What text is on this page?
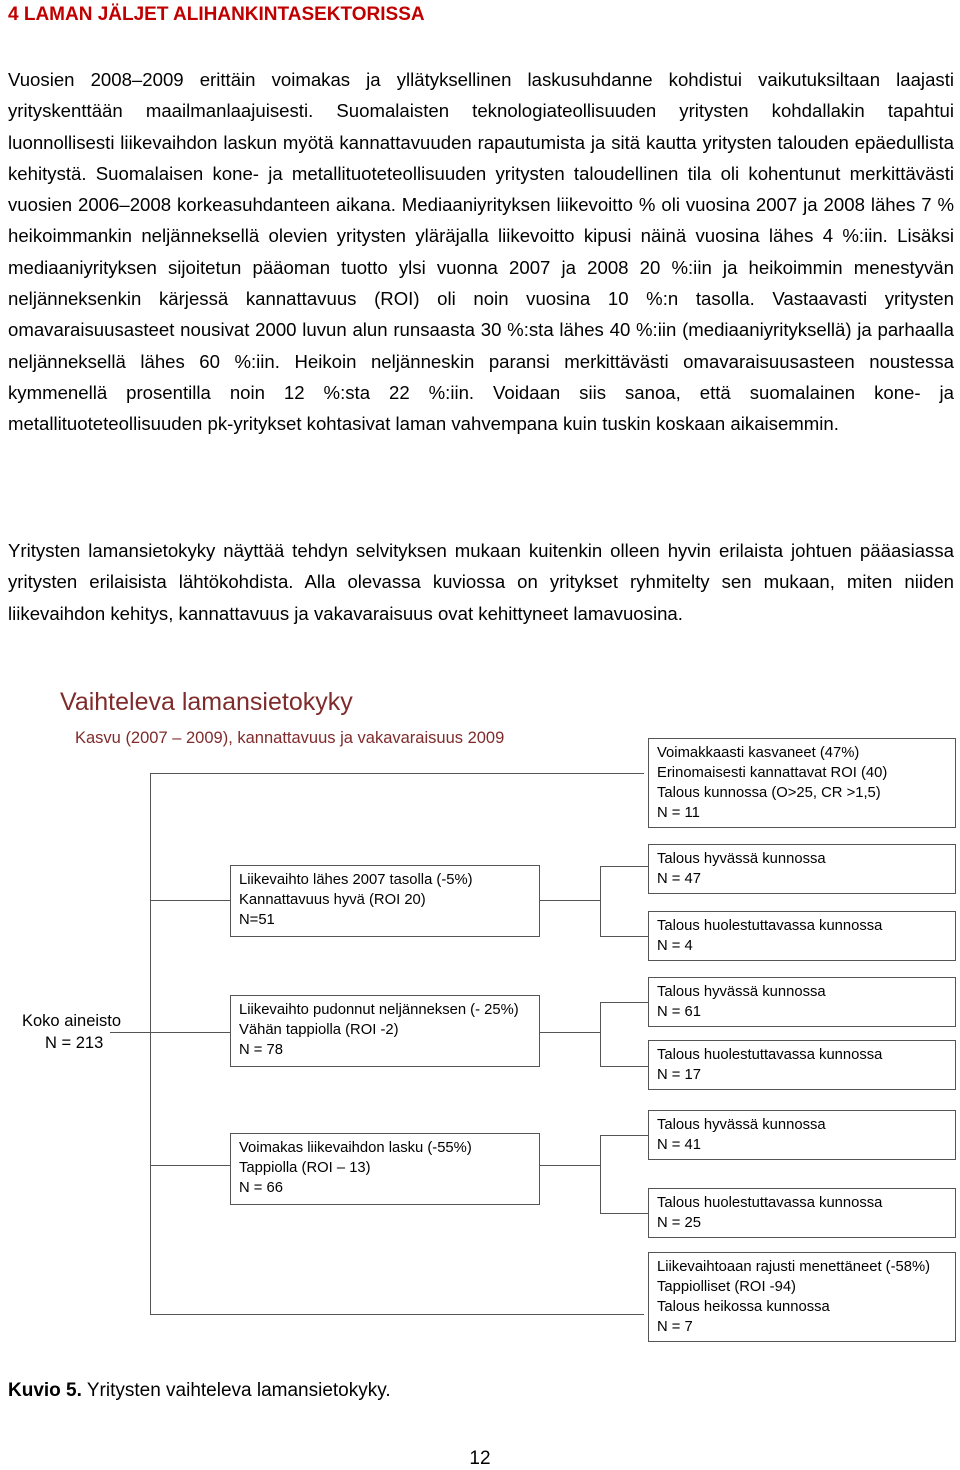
4 LAMAN JÄLJET ALIHANKINTASEKTORISSA

Vuosien 2008–2009 erittäin voimakas ja yllätyksellinen laskusuhdanne kohdistui vaikutuksiltaan laajasti yrityskenttään maailmanlaajuisesti. Suomalaisten teknologiateollisuuden yritysten kohdallakin tapahtui luonnollisesti liikevaihdon laskun myötä kannattavuuden rapautumista ja sitä kautta yritysten talouden epäedullista kehitystä. Suomalaisen kone- ja metallituoteteollisuuden yritysten taloudellinen tila oli kohentunut merkittävästi vuosien 2006–2008 korkeasuhdanteen aikana. Mediaaniyrityksen liikevoitto % oli vuosina 2007 ja 2008 lähes 7 % heikoimmankin neljänneksellä olevien yritysten yläräjalla liikevoitto kipusi näinä vuosina lähes 4 %:iin. Lisäksi mediaaniyrityksen sijoitetun pääoman tuotto ylsi vuonna 2007 ja 2008 20 %:iin ja heikoimmin menestyvän neljänneksenkin kärjessä kannattavuus (ROI) oli noin vuosina 10 %:n tasolla. Vastaavasti yritysten omavaraisuusasteet nousivat 2000 luvun alun runsaasta 30 %:sta lähes 40 %:iin (mediaaniyrityksellä) ja parhaalla neljänneksellä lähes 60 %:iin. Heikoin neljänneskin paransi merkittävästi omavaraisuusasteen noustessa kymmenellä prosentilla noin 12 %:sta 22 %:iin. Voidaan siis sanoa, että suomalainen kone- ja metallituoteteollisuuden pk-yritykset kohtasivat laman vahvempana kuin tuskin koskaan aikaisemmin.

Yritysten lamansietokyky näyttää tehdyn selvityksen mukaan kuitenkin olleen hyvin erilaista johtuen pääasiassa yritysten erilaisista lähtökohdista. Alla olevassa kuviossa on yritykset ryhmitelty sen mukaan, miten niiden liikevaihdon kehitys, kannattavuus ja vakavaraisuus ovat kehittyneet lamavuosina.

Vaihteleva lamansietokyky
Kasvu (2007 – 2009), kannattavuus ja vakavaraisuus 2009
Koko aineisto
N = 213
Liikevaihto lähes 2007 tasolla (-5%)
Kannattavuus hyvä (ROI 20)
N=51
Liikevaihto pudonnut neljänneksen (- 25%)
Vähän tappiolla (ROI -2)
N = 78
Voimakas liikevaihdon lasku (-55%)
Tappiolla (ROI – 13)
N = 66
Voimakkaasti kasvaneet (47%)
Erinomaisesti kannattavat ROI (40)
Talous kunnossa (O>25, CR >1,5)
N = 11
Talous hyvässä kunnossa
N = 47
Talous huolestuttavassa kunnossa
N = 4
Talous hyvässä kunnossa
N = 61
Talous huolestuttavassa kunnossa
N = 17
Talous hyvässä kunnossa
N = 41
Talous huolestuttavassa kunnossa
N = 25
Liikevaihtoaan rajusti menettäneet (-58%)
Tappiolliset (ROI -94)
Talous heikossa kunnossa
N = 7
Kuvio 5. Yritysten vaihteleva lamansietokyky.
12
